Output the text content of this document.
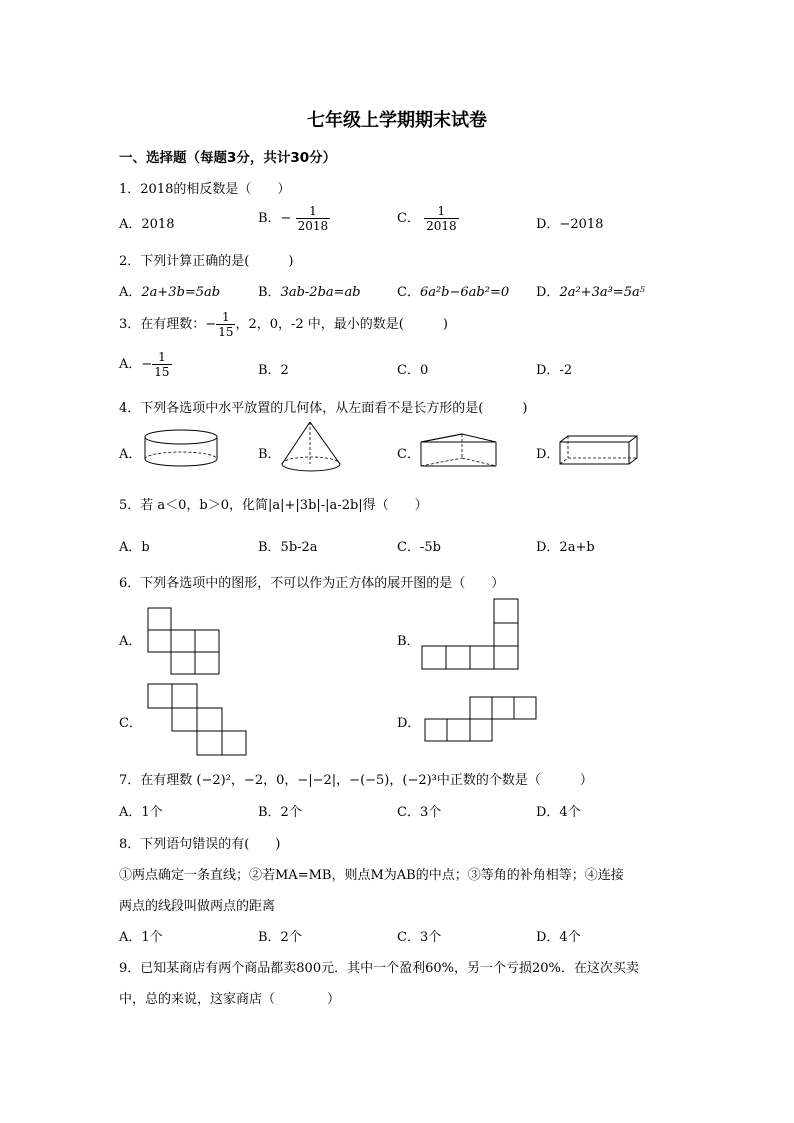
七年级上学期期末试卷
一、选择题（每题3分，共计30分）
1．2018的相反数是（　　）
A．2018	B．− $\frac{1}{2018}$	C． $\frac{1}{2018}$	D．−2018
2．下列计算正确的是(　　　)
A．2a+3b=5ab	B．3ab-2ba=ab	C．6a²b−6ab²=0 D．2a²+3a³=5a⁵
3．在有理数：− $\frac{1}{15}$ ，2，0，-2 中，最小的数是(　　　)
A．− $\frac{1}{15}$	B．2	C．0	D．-2
4．下列各选项中水平放置的几何体，从左面看不是长方形的是(　　　)
A．	B．	C．	D．
5．若 a＜0，b＞0，化简|a|+|3b|-|a-2b|得（　　）
A．b	B．5b-2a	C．-5b	D．2a+b
6．下列各选项中的图形，不可以作为正方体的展开图的是（　　）
A．	B．
C．	D．
7．在有理数 (−2)²，−2，0，−|−2|，−(−5)，(−2)³中正数的个数是（　　　）
A．1个	B．2个	C．3个	D．4个
8．下列语句错误的有(　　)
①两点确定一条直线；②若MA=MB，则点M为AB的中点；③等角的补角相等；④连接
两点的线段叫做两点的距离
A．1个	B．2个	C．3个	D．4个
9．已知某商店有两个商品都卖800元．其中一个盈利60%，另一个亏损20%．在这次买卖
中，总的来说，这家商店（　　　　）
